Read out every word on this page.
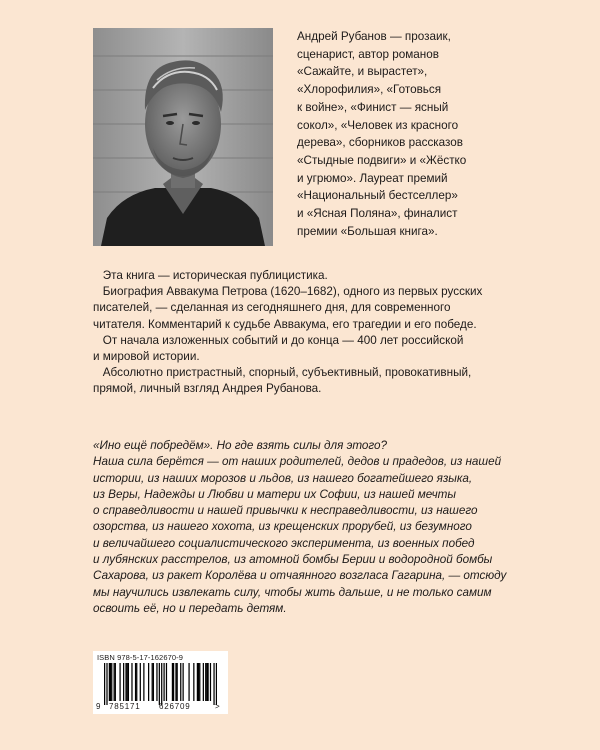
Андрей Рубанов — прозаик,
сценарист, автор романов
«Сажайте, и вырастет»,
«Хлорофилия», «Готовься
к войне», «Финист — ясный
сокол», «Человек из красного
дерева», сборников рассказов
«Стыдные подвиги» и «Жёстко
и угрюмо». Лауреат премий
«Национальный бестселлер»
и «Ясная Поляна», финалист
премии «Большая книга».

Эта книга — историческая публицистика.
Биография Аввакума Петрова (1620–1682), одного из первых русских
писателей, — сделанная из сегодняшнего дня, для современного
читателя. Комментарий к судьбе Аввакума, его трагедии и его победе.
От начала изложенных событий и до конца — 400 лет российской
и мировой истории.
Абсолютно пристрастный, спорный, субъективный, провокативный,
прямой, личный взгляд Андрея Рубанова.

«Ино ещё побредём». Но где взять силы для этого?
Наша сила берётся — от наших родителей, дедов и прадедов, из нашей
истории, из наших морозов и льдов, из нашего богатейшего языка,
из Веры, Надежды и Любви и матери их Софии, из нашей мечты
о справедливости и нашей привычки к несправедливости, из нашего
озорства, из нашего хохота, из крещенских прорубей, из безумного
и величайшего социалистического эксперимента, из военных побед
и лубянских расстрелов, из атомной бомбы Берии и водородной бомбы
Сахарова, из ракет Королёва и отчаянного возгласа Гагарина, — отсюду
мы научились извлекать силу, чтобы жить дальше, и не только самим
освоить её, но и передать детям.

ISBN 978-5-17-162670-9
9 785171 626709	>
